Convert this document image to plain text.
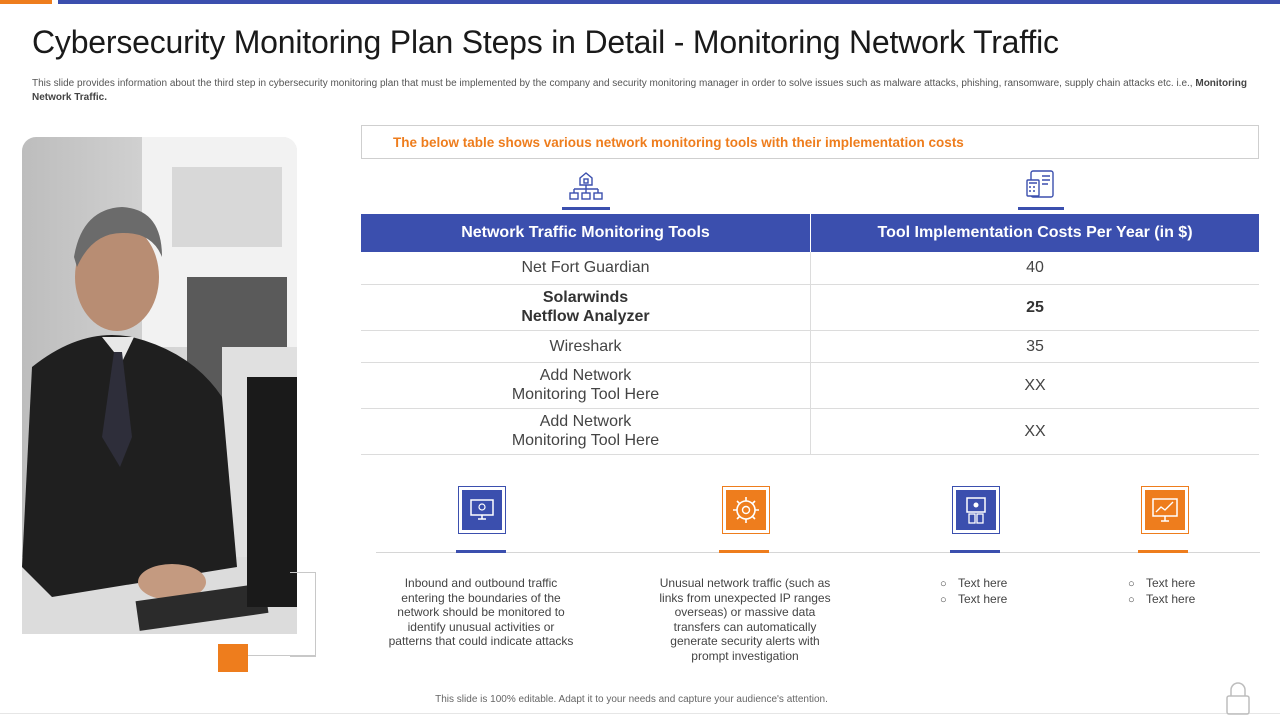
Cybersecurity Monitoring Plan Steps in Detail - Monitoring Network Traffic
This slide provides information about the third step in cybersecurity monitoring plan that must be implemented by the company and security monitoring manager in order to solve issues such as malware attacks, phishing, ransomware, supply chain attacks etc. i.e., Monitoring Network Traffic.
The below table shows various network monitoring tools with their implementation costs
Network Traffic Monitoring Tools	Tool Implementation Costs Per Year (in $)
Net Fort Guardian	40
Solarwinds
Netflow Analyzer	25
Wireshark	35
Add Network
Monitoring Tool Here	XX
Add Network
Monitoring Tool Here	XX
Inbound and outbound traffic entering the boundaries of the network should be monitored to identify unusual activities or patterns that could indicate attacks
Unusual network traffic (such as links from unexpected IP ranges overseas) or massive data transfers can automatically generate security alerts with prompt investigation
○ Text here
○ Text here
○ Text here
○ Text here
This slide is 100% editable. Adapt it to your needs and capture your audience's attention.
